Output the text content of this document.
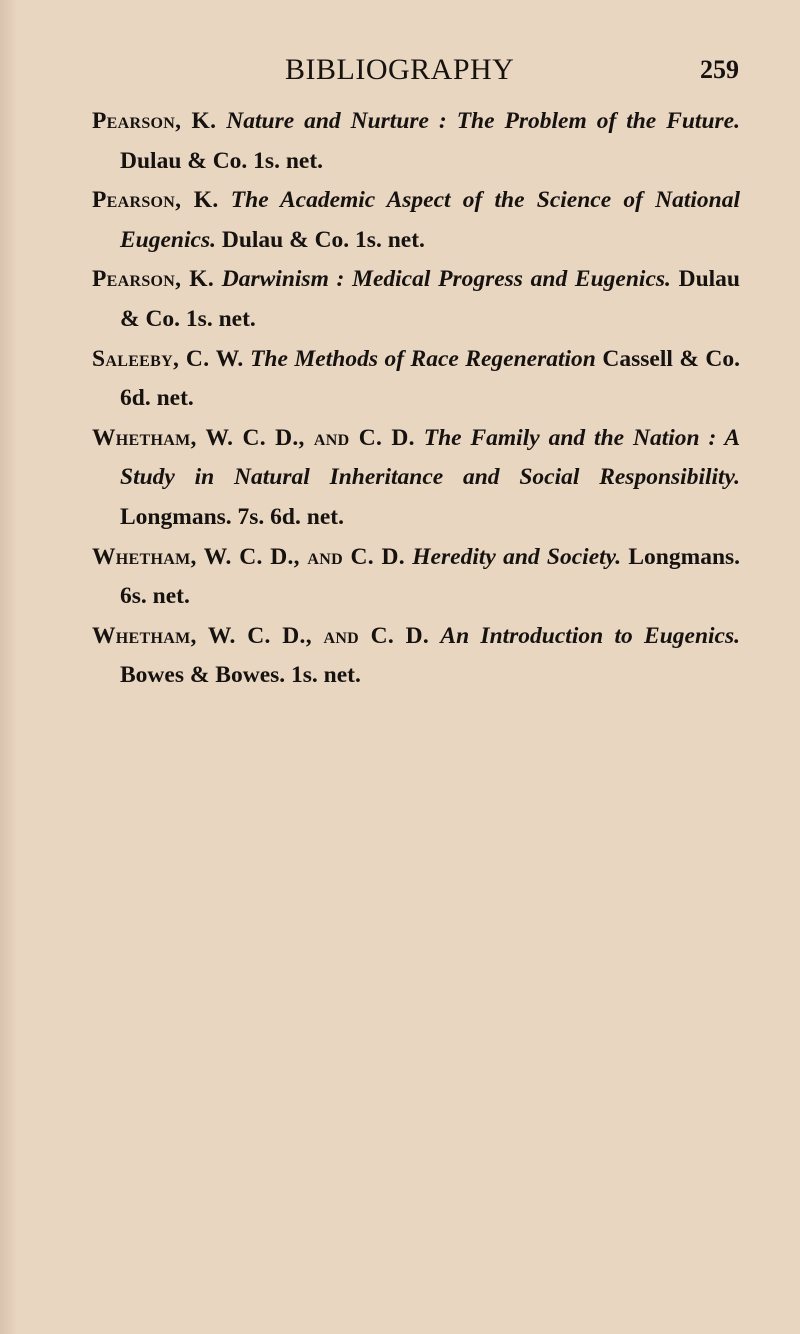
BIBLIOGRAPHY	259
Pearson, K. Nature and Nurture : The Problem of the Future. Dulau & Co. 1s. net.
Pearson, K. The Academic Aspect of the Science of National Eugenics. Dulau & Co. 1s. net.
Pearson, K. Darwinism : Medical Progress and Eugenics. Dulau & Co. 1s. net.
Saleeby, C. W. The Methods of Race Regeneration Cassell & Co. 6d. net.
Whetham, W. C. D., and C. D. The Family and the Nation : A Study in Natural Inheritance and Social Responsibility. Longmans. 7s. 6d. net.
Whetham, W. C. D., and C. D. Heredity and Society. Longmans. 6s. net.
Whetham, W. C. D., and C. D. An Introduction to Eugenics. Bowes & Bowes. 1s. net.
